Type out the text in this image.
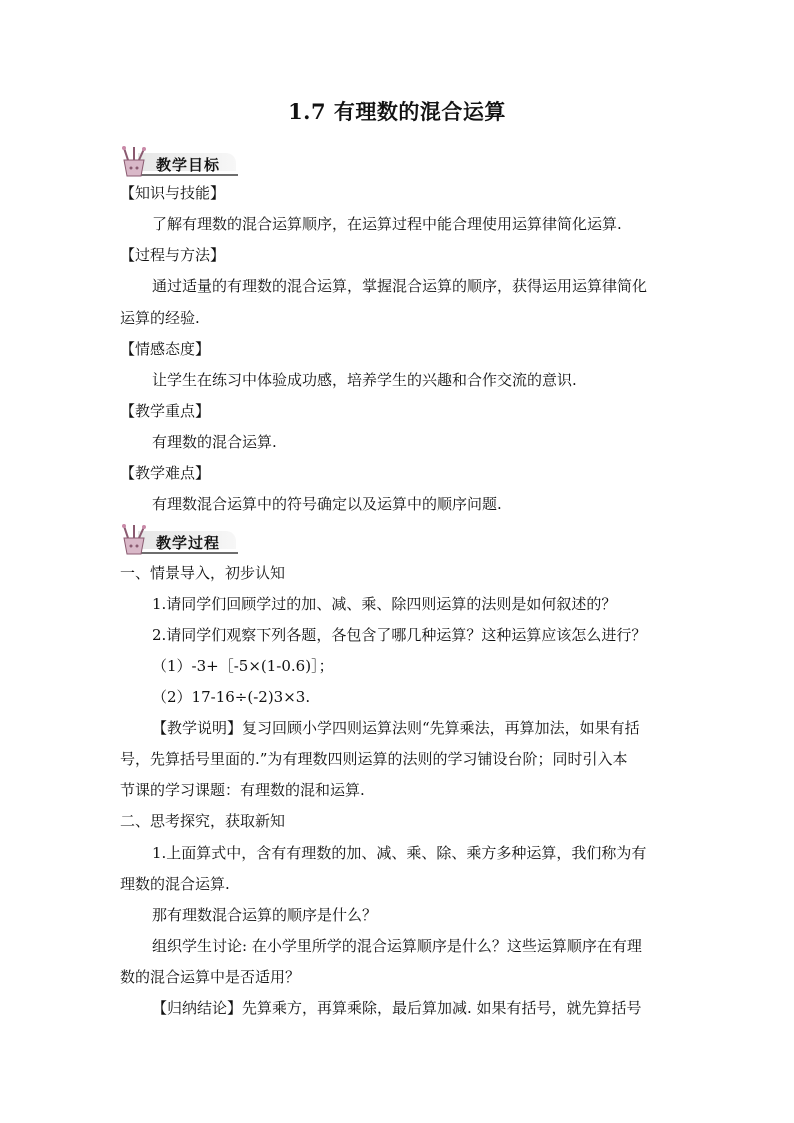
1.7 有理数的混合运算
教学目标
【知识与技能】
了解有理数的混合运算顺序，在运算过程中能合理使用运算律简化运算.
【过程与方法】
通过适量的有理数的混合运算，掌握混合运算的顺序，获得运用运算律简化
运算的经验.
【情感态度】
让学生在练习中体验成功感，培养学生的兴趣和合作交流的意识.
【教学重点】
有理数的混合运算.
【教学难点】
有理数混合运算中的符号确定以及运算中的顺序问题.
教学过程
一、情景导入，初步认知
1.请同学们回顾学过的加、减、乘、除四则运算的法则是如何叙述的？
2.请同学们观察下列各题，各包含了哪几种运算？这种运算应该怎么进行？
（1）-3+［-5×(1-0.6)］；
（2）17-16÷(-2)3×3.
【教学说明】复习回顾小学四则运算法则“先算乘法，再算加法，如果有括
号，先算括号里面的.”为有理数四则运算的法则的学习铺设台阶；同时引入本
节课的学习课题：有理数的混和运算.
二、思考探究，获取新知
1.上面算式中，含有有理数的加、减、乘、除、乘方多种运算，我们称为有
理数的混合运算.
那有理数混合运算的顺序是什么？
组织学生讨论: 在小学里所学的混合运算顺序是什么？这些运算顺序在有理
数的混合运算中是否适用？
【归纳结论】先算乘方，再算乘除，最后算加减. 如果有括号，就先算括号
